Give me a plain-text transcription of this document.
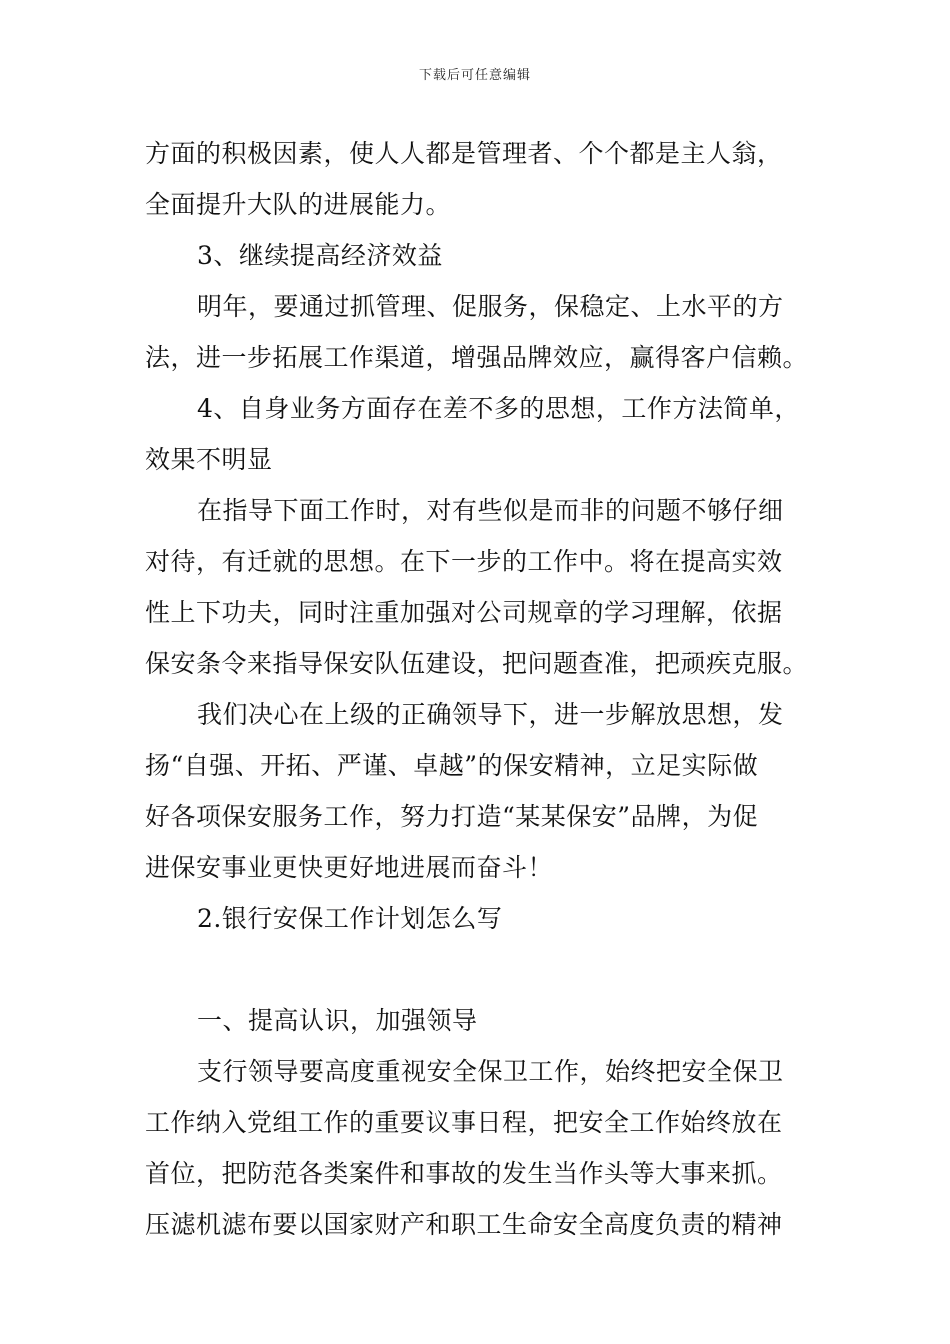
下载后可任意编辑
方面的积极因素，使人人都是管理者、个个都是主人翁，
全面提升大队的进展能力。
3、继续提高经济效益
明年，要通过抓管理、促服务，保稳定、上水平的方
法，进一步拓展工作渠道，增强品牌效应，赢得客户信赖。
4、自身业务方面存在差不多的思想，工作方法简单，
效果不明显
在指导下面工作时，对有些似是而非的问题不够仔细
对待，有迁就的思想。在下一步的工作中。将在提高实效
性上下功夫，同时注重加强对公司规章的学习理解，依据
保安条令来指导保安队伍建设，把问题查准，把顽疾克服。
我们决心在上级的正确领导下，进一步解放思想，发
扬“自强、开拓、严谨、卓越”的保安精神，立足实际做
好各项保安服务工作，努力打造“某某保安”品牌，为促
进保安事业更快更好地进展而奋斗！
2.银行安保工作计划怎么写
一、提高认识，加强领导
支行领导要高度重视安全保卫工作，始终把安全保卫
工作纳入党组工作的重要议事日程，把安全工作始终放在
首位，把防范各类案件和事故的发生当作头等大事来抓。
压滤机滤布要以国家财产和职工生命安全高度负责的精神
